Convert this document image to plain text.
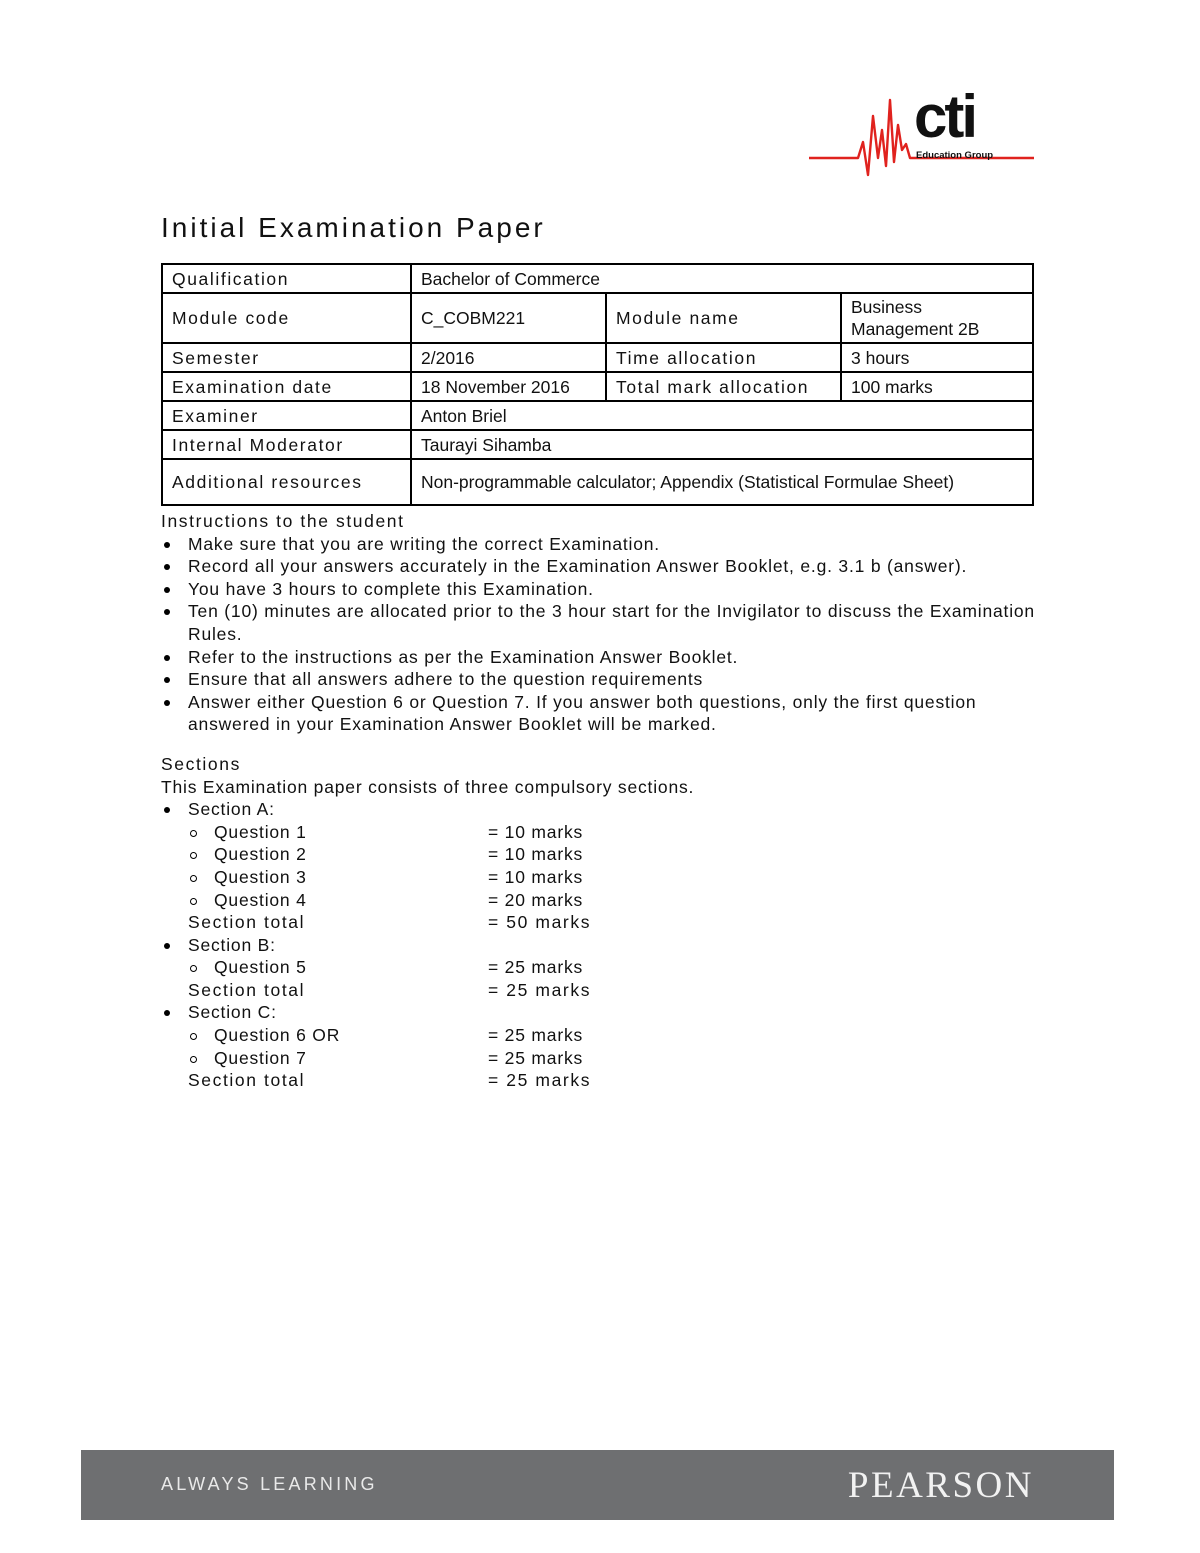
cti
Education Group
Initial Examination Paper
Qualification	Bachelor of Commerce		
Module code	C_COBM221	Module name	Business Management 2B
Semester	2/2016	Time allocation	3 hours
Examination date	18 November 2016	Total mark allocation	100 marks
Examiner	Anton Briel		
Internal Moderator	Taurayi Sihamba		
Additional resources	Non-programmable calculator; Appendix (Statistical Formulae Sheet)		
Instructions to the student
Make sure that you are writing the correct Examination.
Record all your answers accurately in the Examination Answer Booklet, e.g. 3.1 b (answer).
You have 3 hours to complete this Examination.
Ten (10) minutes are allocated prior to the 3 hour start for the Invigilator to discuss the Examination Rules.
Refer to the instructions as per the Examination Answer Booklet.
Ensure that all answers adhere to the question requirements
Answer either Question 6 or Question 7. If you answer both questions, only the first question answered in your Examination Answer Booklet will be marked.
Sections
This Examination paper consists of three compulsory sections.
Section A:
Question 1	= 10 marks
Question 2	= 10 marks
Question 3	= 10 marks
Question 4	= 20 marks
Section total	= 50 marks
Section B:
Question 5	= 25 marks
Section total	= 25 marks
Section C:
Question 6 OR	= 25 marks
Question 7	= 25 marks
Section total	= 25 marks
ALWAYS LEARNING	PEARSON
